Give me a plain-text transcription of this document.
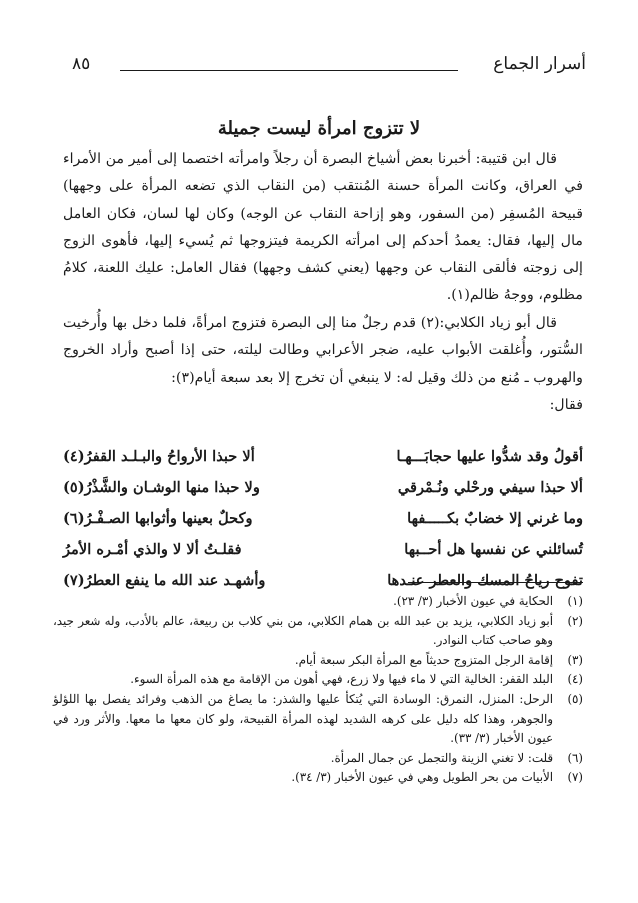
أسرار الجماع
٨٥
لا تتزوج امرأة ليست جميلة
قال ابن قتيبة: أخبرنا بعض أشياخ البصرة أن رجلاً وامرأته اختصما إلى أمير من الأمراء في العراق، وكانت المرأة حسنة المُنتقب (من النقاب الذي تضعه المرأة على وجهها) قبيحة المُسفِر (من السفور، وهو إزاحة النقاب عن الوجه) وكان لها لسان، فكان العامل مال إليها، فقال: يعمدُ أحدكم إلى امرأته الكريمة فيتزوجها ثم يُسيء إليها، فأهوى الزوج إلى زوجته فألقى النقاب عن وجهها (يعني كشف وجهها) فقال العامل: عليك اللعنة، كلامُ مظلوم، ووجهُ ظالم(١).
قال أبو زياد الكلابي:(٢) قدم رجلٌ منا إلى البصرة فتزوج امرأةً، فلما دخل بها وأُرخيت السُّتور، وأُغلقت الأبواب عليه، ضجر الأعرابي وطالت ليلته، حتى إذا أصبح وأراد الخروج والهروب ـ مُنع من ذلك وقيل له: لا ينبغي أن تخرج إلا بعد سبعة أيام(٣):
فقال:
أقولُ وقد شدُّوا عليها حجابَـــهـا
ألا حبذا الأرواحُ والبـلـد القفرُ(٤)
ألا حبذا سيفي ورحْلي ونُـمْرقي
ولا حبذا منها الوشـان والشَّذْرُ(٥)
وما غرني إلا خضابٌ بكـــــفها
وكحلٌ بعينها وأثوابها الصـفْـرُ(٦)
تُسائلني عن نفسها هل أحــبها
فقلـتُ ألا لا والذي أمْـره الأمرُ
تفوح رياحُ المسك والعطر عنـدها
وأشهـد عند الله ما ينفع العطرُ(٧)
(١)
الحكاية في عيون الأخبار (٣/ ٢٣).
(٢)
أبو زياد الكلابي، يزيد بن عبد الله بن همام الكلابي، من بني كلاب بن ربيعة، عالم بالأدب، وله شعر جيد، وهو صاحب كتاب النوادر.
(٣)
إقامة الرجل المتزوج حديثاً مع المرأة البكر سبعة أيام.
(٤)
البلد القفر: الخالية التي لا ماء فيها ولا زرع، فهي أهون من الإقامة مع هذه المرأة السوء.
(٥)
الرحل: المنزل، النمرق: الوسادة التي يُتكأ عليها والشذر: ما يصاغ من الذهب وفرائد يفصل بها اللؤلؤ والجوهر، وهذا كله دليل على كرهه الشديد لهذه المرأة القبيحة، ولو كان معها ما معها. والأثر ورد في عيون الأخبار (٣/ ٣٣).
(٦)
قلت: لا تغني الزينة والتجمل عن جمال المرأة.
(٧)
الأبيات من بحر الطويل وهي في عيون الأخبار (٣/ ٣٤).
